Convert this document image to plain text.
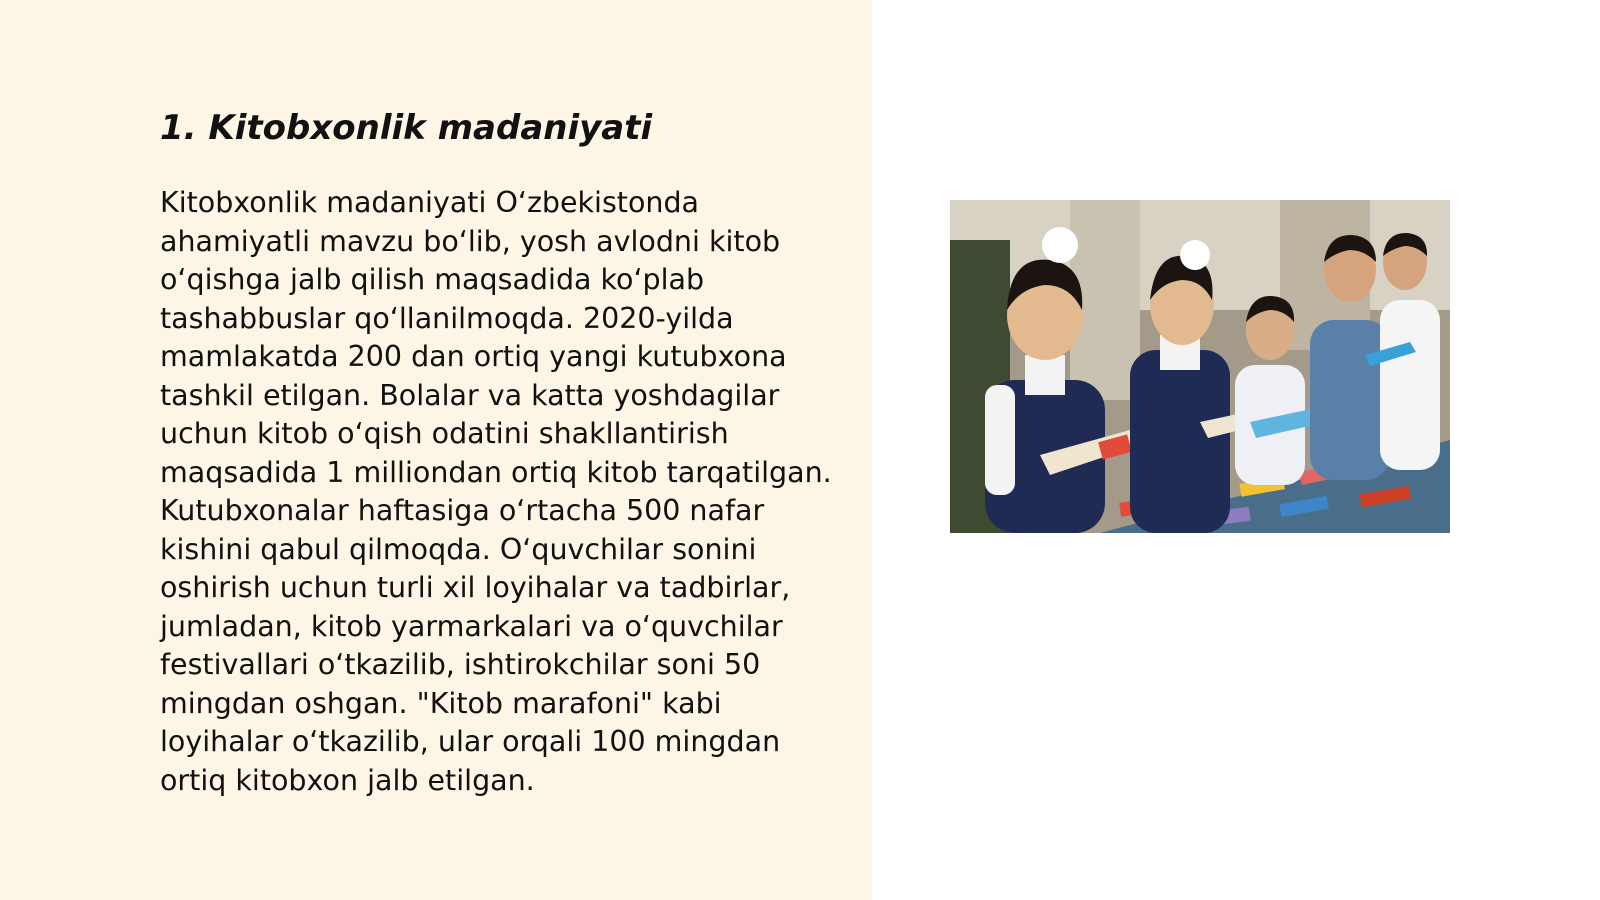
1. Kitobxonlik madaniyati

Kitobxonlik madaniyati O‘zbekistonda ahamiyatli mavzu bo‘lib, yosh avlodni kitob o‘qishga jalb qilish maqsadida ko‘plab tashabbuslar qo‘llanilmoqda. 2020-yilda mamlakatda 200 dan ortiq yangi kutubxona tashkil etilgan. Bolalar va katta yoshdagilar uchun kitob o‘qish odatini shakllantirish maqsadida 1 milliondan ortiq kitob tarqatilgan. Kutubxonalar haftasiga o‘rtacha 500 nafar kishini qabul qilmoqda. O‘quvchilar sonini oshirish uchun turli xil loyihalar va tadbirlar, jumladan, kitob yarmarkalari va o‘quvchilar festivallari o‘tkazilib, ishtirokchilar soni 50 mingdan oshgan. "Kitob marafoni" kabi loyihalar o‘tkazilib, ular orqali 100 mingdan ortiq kitobxon jalb etilgan.
